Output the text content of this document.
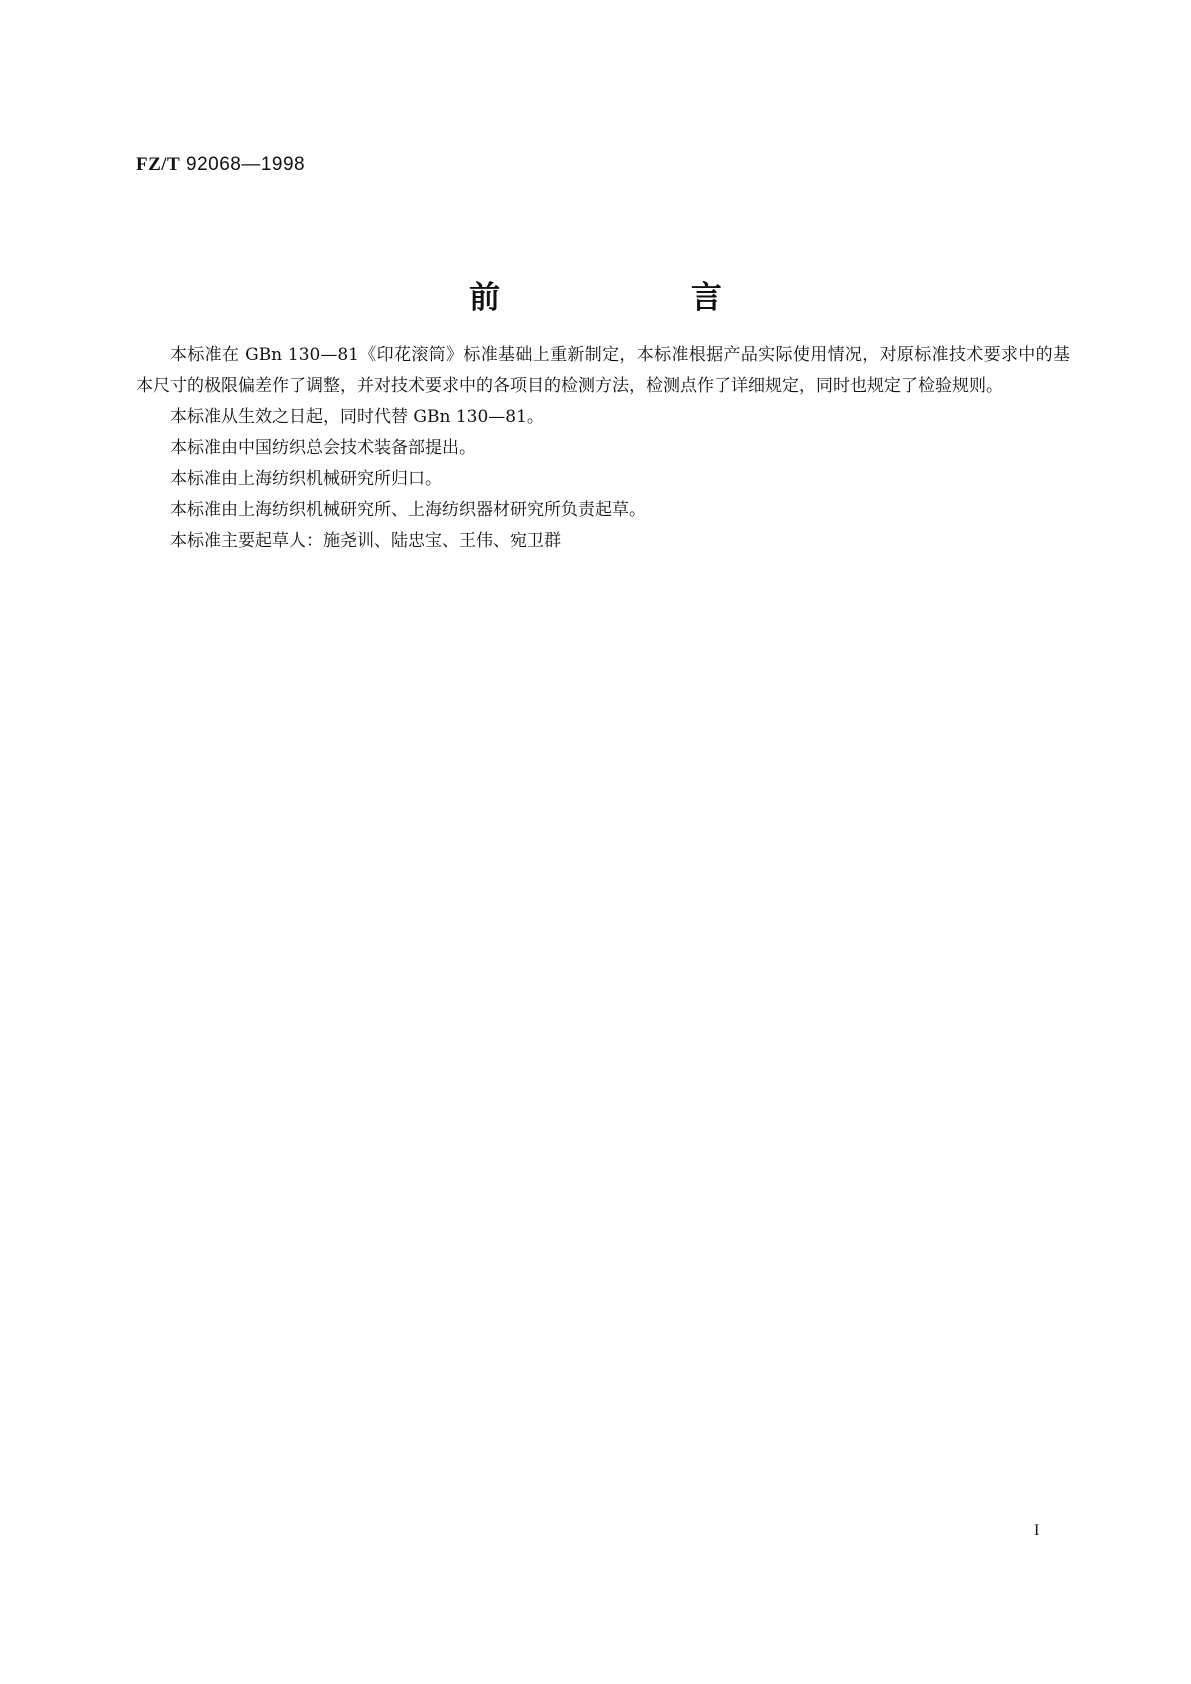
FZ/T 92068—1998
前 言

本标准在 GBn 130—81《印花滚筒》标准基础上重新制定，本标准根据产品实际使用情况，对原标准技术要求中的基本尺寸的极限偏差作了调整，并对技术要求中的各项目的检测方法，检测点作了详细规定，同时也规定了检验规则。

本标准从生效之日起，同时代替 GBn 130—81。

本标准由中国纺织总会技术装备部提出。

本标准由上海纺织机械研究所归口。

本标准由上海纺织机械研究所、上海纺织器材研究所负责起草。

本标准主要起草人：施尧训、陆忠宝、王伟、宛卫群

I
